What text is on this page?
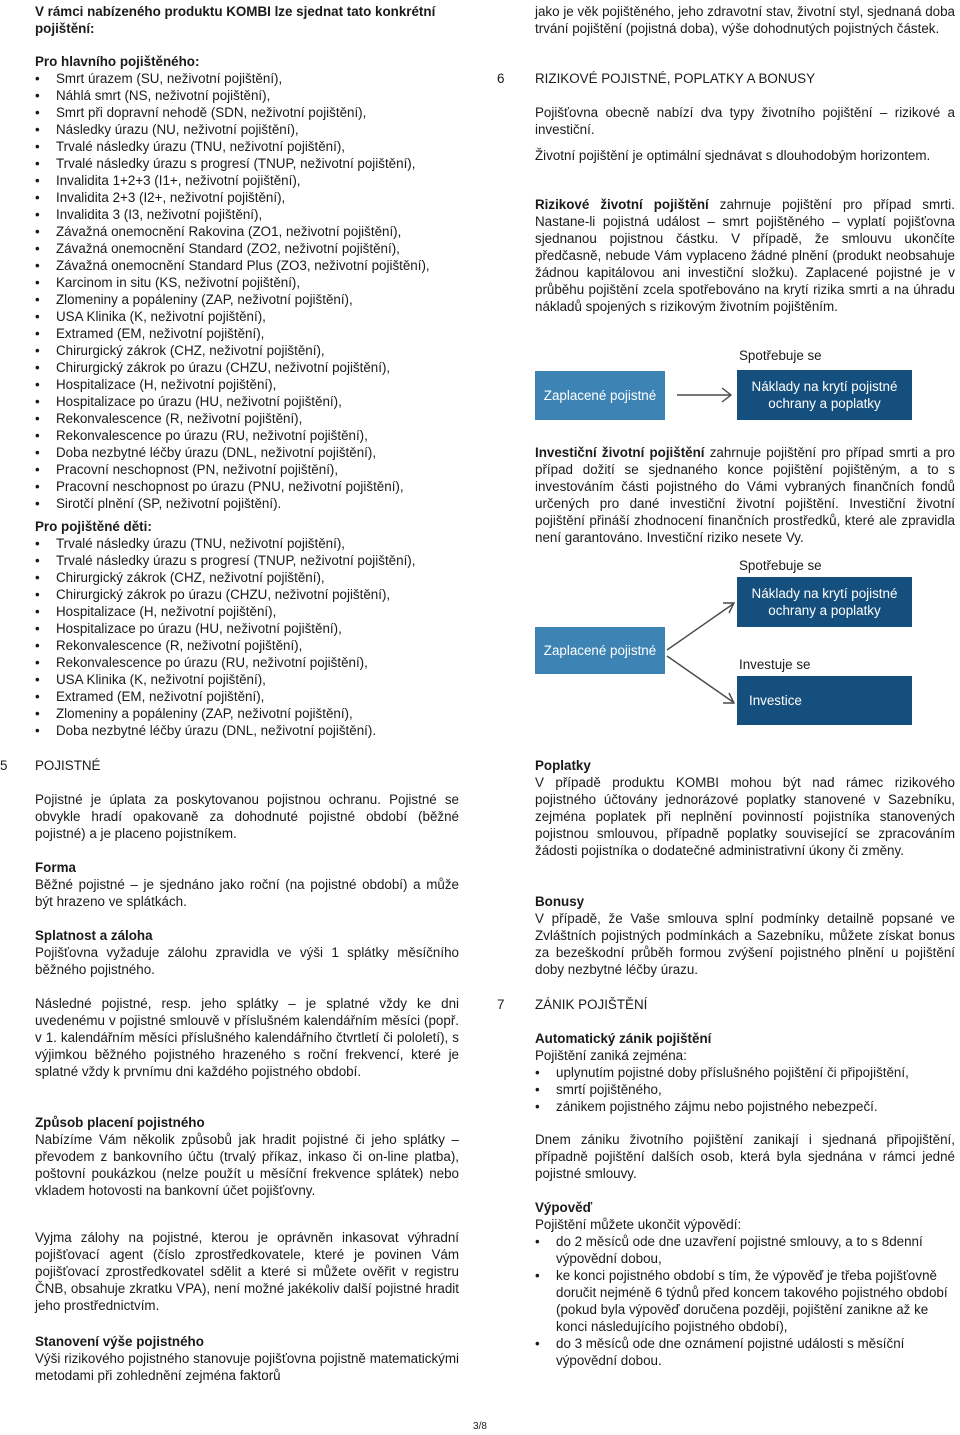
V rámci nabízeného produktu KOMBI lze sjednat tato konkrétní pojištění:

Pro hlavního pojištěného:

• Smrt úrazem (SU, neživotní pojištění),
• Náhlá smrt (NS, neživotní pojištění),
• Smrt při dopravní nehodě (SDN, neživotní pojištění),
• Následky úrazu (NU, neživotní pojištění),
• Trvalé následky úrazu (TNU, neživotní pojištění),
• Trvalé následky úrazu s progresí (TNUP, neživotní pojištění),
• Invalidita 1+2+3 (I1+, neživotní pojištění),
• Invalidita 2+3 (I2+, neživotní pojištění),
• Invalidita 3 (I3, neživotní pojištění),
• Závažná onemocnění Rakovina (ZO1, neživotní pojištění),
• Závažná onemocnění Standard (ZO2, neživotní pojištění),
• Závažná onemocnění Standard Plus (ZO3, neživotní pojištění),
• Karcinom in situ (KS, neživotní pojištění),
• Zlomeniny a popáleniny (ZAP, neživotní pojištění),
• USA Klinika (K, neživotní pojištění),
• Extramed (EM, neživotní pojištění),
• Chirurgický zákrok (CHZ, neživotní pojištění),
• Chirurgický zákrok po úrazu (CHZU, neživotní pojištění),
• Hospitalizace (H, neživotní pojištění),
• Hospitalizace po úrazu (HU, neživotní pojištění),
• Rekonvalescence (R, neživotní pojištění),
• Rekonvalescence po úrazu (RU, neživotní pojištění),
• Doba nezbytné léčby úrazu (DNL, neživotní pojištění),
• Pracovní neschopnost (PN, neživotní pojištění),
• Pracovní neschopnost po úrazu (PNU, neživotní pojištění),
• Sirotčí plnění (SP, neživotní pojištění).

Pro pojištěné děti:

• Trvalé následky úrazu (TNU, neživotní pojištění),
• Trvalé následky úrazu s progresí (TNUP, neživotní pojištění),
• Chirurgický zákrok (CHZ, neživotní pojištění),
• Chirurgický zákrok po úrazu (CHZU, neživotní pojištění),
• Hospitalizace (H, neživotní pojištění),
• Hospitalizace po úrazu (HU, neživotní pojištění),
• Rekonvalescence (R, neživotní pojištění),
• Rekonvalescence po úrazu (RU, neživotní pojištění),
• USA Klinika (K, neživotní pojištění),
• Extramed (EM, neživotní pojištění),
• Zlomeniny a popáleniny (ZAP, neživotní pojištění),
• Doba nezbytné léčby úrazu (DNL, neživotní pojištění).
5	POJISTNÉ

Pojistné je úplata za poskytovanou pojistnou ochranu. Pojistné se obvykle hradí opakovaně za dohodnuté pojistné období (běžné pojistné) a je placeno pojistníkem.

Forma

Běžné pojistné – je sjednáno jako roční (na pojistné období) a může být hrazeno ve splátkách.

Splatnost a záloha

Pojišťovna vyžaduje zálohu zpravidla ve výši 1 splátky měsíčního běžného pojistného.

Následné pojistné, resp. jeho splátky – je splatné vždy ke dni uvedenému v pojistné smlouvě v příslušném kalendářním měsíci (popř. v 1. kalendářním měsíci příslušného kalendářního čtvrtletí či pololetí), s výjimkou běžného pojistného hrazeného s roční frekvencí, které je splatné vždy k prvnímu dni každého pojistného období.

Způsob placení pojistného

Nabízíme Vám několik způsobů jak hradit pojistné či jeho splátky – převodem z bankovního účtu (trvalý příkaz, inkaso či on-line platba), poštovní poukázkou (nelze použít u měsíční frekvence splátek) nebo vkladem hotovosti na bankovní účet pojišťovny.

Vyjma zálohy na pojistné, kterou je oprávněn inkasovat výhradní pojišťovací agent (číslo zprostředkovatele, které je povinen Vám pojišťovací zprostředkovatel sdělit a které si můžete ověřit v registru ČNB, obsahuje zkratku VPA), není možné jakékoliv další pojistné hradit jeho prostřednictvím.

Stanovení výše pojistného

Výši rizikového pojistného stanovuje pojišťovna pojistně matematickými metodami při zohlednění zejména faktorů

jako je věk pojištěného, jeho zdravotní stav, životní styl, sjednaná doba trvání pojištění (pojistná doba), výše dohodnutých pojistných částek.

6	RIZIKOVÉ POJISTNÉ, POPLATKY A BONUSY

Pojišťovna obecně nabízí dva typy životního pojištění – rizikové a investiční.

Životní pojištění je optimální sjednávat s dlouhodobým horizontem.

Rizikové životní pojištění zahrnuje pojištění pro případ smrti. Nastane-li pojistná událost – smrt pojištěného – vyplatí pojišťovna sjednanou pojistnou částku. V případě, že smlouvu ukončíte předčasně, nebude Vám vyplaceno žádné plnění (produkt neobsahuje žádnou kapitálovou ani investiční složku). Zaplacené pojistné je v průběhu pojištění zcela spotřebováno na krytí rizika smrti a na úhradu nákladů spojených s rizikovým životním pojištěním.

Spotřebuje se
Zaplacené pojistné
Náklady na krytí pojistné ochrany a poplatky

Investiční životní pojištění zahrnuje pojištění pro případ smrti a pro případ dožití se sjednaného konce pojištění pojištěným, a to s investováním části pojistného do Vámi vybraných finančních fondů určených pro dané investiční životní pojištění. Investiční životní pojištění přináší zhodnocení finančních prostředků, které ale zpravidla není garantováno. Investiční riziko nesete Vy.

Spotřebuje se
Náklady na krytí pojistné ochrany a poplatky
Zaplacené pojistné
Investuje se
Investice

Poplatky

V případě produktu KOMBI mohou být nad rámec rizikového pojistného účtovány jednorázové poplatky stanovené v Sazebníku, zejména poplatek při neplnění povinností pojistníka stanovených pojistnou smlouvou, případně poplatky související se zpracováním žádosti pojistníka o dodatečné administrativní úkony či změny.

Bonusy

V případě, že Vaše smlouva splní podmínky detailně popsané ve Zvláštních pojistných podmínkách a Sazebníku, můžete získat bonus za bezeškodní průběh formou zvýšení pojistného plnění u pojištění doby nezbytné léčby úrazu.

7	ZÁNIK POJIŠTĚNÍ

Automatický zánik pojištění

Pojištění zaniká zejména:

• uplynutím pojistné doby příslušného pojištění či připojištění,
• smrtí pojištěného,
• zánikem pojistného zájmu nebo pojistného nebezpečí.

Dnem zániku životního pojištění zanikají i sjednaná připojištění, případně pojištění dalších osob, která byla sjednána v rámci jedné pojistné smlouvy.

Výpověď

Pojištění můžete ukončit výpovědí:

• do 2 měsíců ode dne uzavření pojistné smlouvy, a to s 8denní výpovědní dobou,
• ke konci pojistného období s tím, že výpověď je třeba pojišťovně doručit nejméně 6 týdnů před koncem takového pojistného období (pokud byla výpověď doručena později, pojištění zanikne až ke konci následujícího pojistného období),
• do 3 měsíců ode dne oznámení pojistné události s měsíční výpovědní dobou.
3/8
